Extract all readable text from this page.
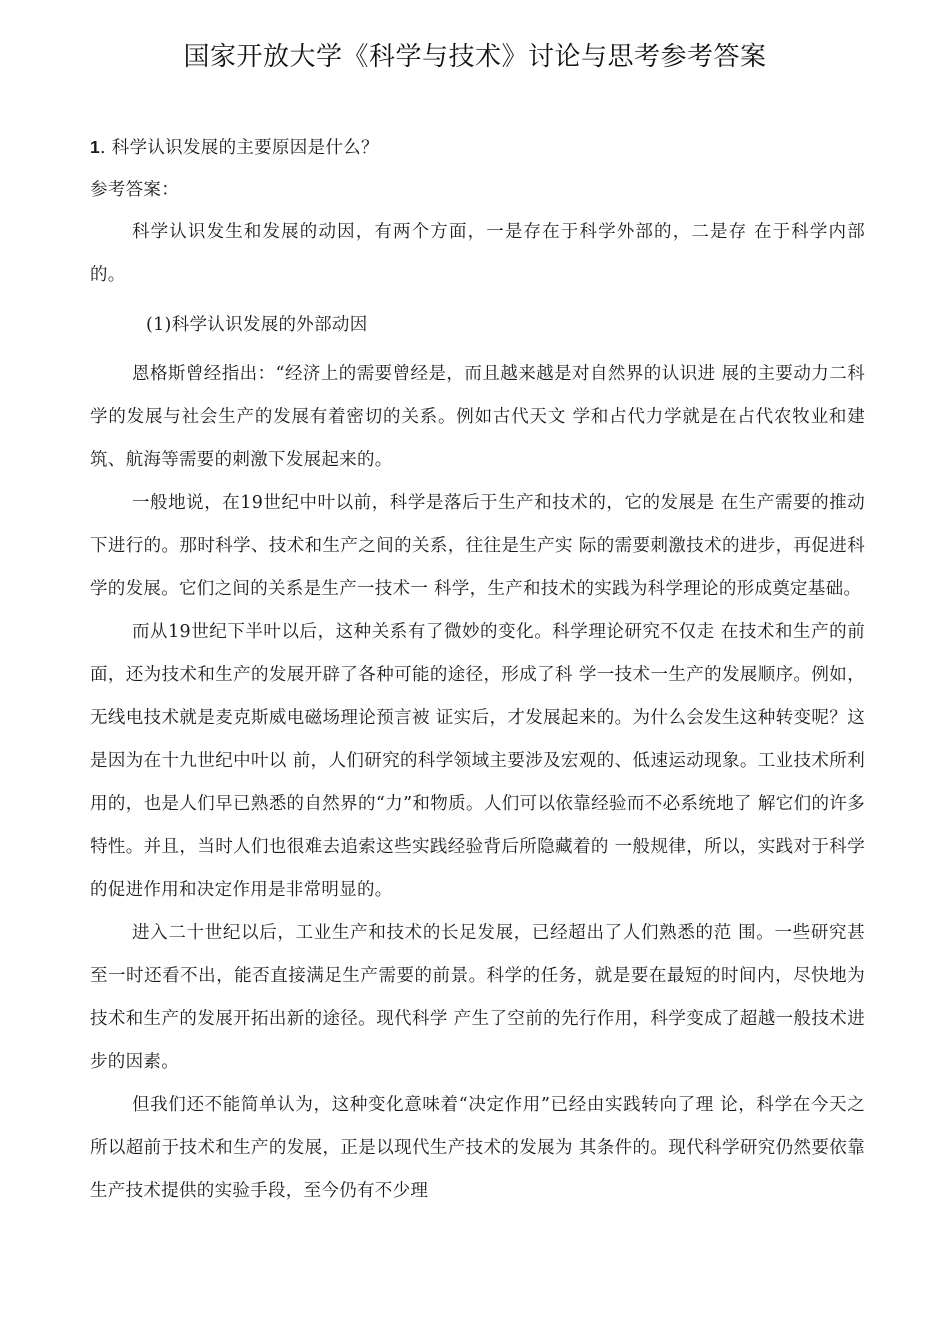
国家开放大学《科学与技术》讨论与思考参考答案
1. 科学认识发展的主要原因是什么？
参考答案：
科学认识发生和发展的动因，有两个方面，一是存在于科学外部的，二是存 在于科学内部的。
(1)科学认识发展的外部动因
恩格斯曾经指出：“经济上的需要曾经是，而且越来越是对自然界的认识进 展的主要动力二科学的发展与社会生产的发展有着密切的关系。例如古代天文 学和占代力学就是在占代农牧业和建筑、航海等需要的刺激下发展起来的。
一般地说，在19世纪中叶以前，科学是落后于生产和技术的，它的发展是 在生产需要的推动下进行的。那时科学、技术和生产之间的关系，往往是生产实 际的需要刺激技术的进步，再促进科学的发展。它们之间的关系是生产一技术一 科学，生产和技术的实践为科学理论的形成奠定基础。
而从19世纪下半叶以后，这种关系有了微妙的变化。科学理论研究不仅走 在技术和生产的前面，还为技术和生产的发展开辟了各种可能的途径，形成了科 学一技术一生产的发展顺序。例如，无线电技术就是麦克斯威电磁场理论预言被 证实后，才发展起来的。为什么会发生这种转变呢？这是因为在十九世纪中叶以 前，人们研究的科学领域主要涉及宏观的、低速运动现象。工业技术所利用的，也是人们早已熟悉的自然界的“力”和物质。人们可以依靠经验而不必系统地了 解它们的许多特性。并且，当时人们也很难去追索这些实践经验背后所隐藏着的 一般规律，所以，实践对于科学的促进作用和决定作用是非常明显的。
进入二十世纪以后，工业生产和技术的长足发展，已经超出了人们熟悉的范 围。一些研究甚至一时还看不出，能否直接满足生产需要的前景。科学的任务，就是要在最短的时间内，尽快地为技术和生产的发展开拓出新的途径。现代科学 产生了空前的先行作用，科学变成了超越一般技术进步的因素。
但我们还不能简单认为，这种变化意味着“决定作用”已经由实践转向了理 论，科学在今天之所以超前于技术和生产的发展，正是以现代生产技术的发展为 其条件的。现代科学研究仍然要依靠生产技术提供的实验手段，至今仍有不少理
